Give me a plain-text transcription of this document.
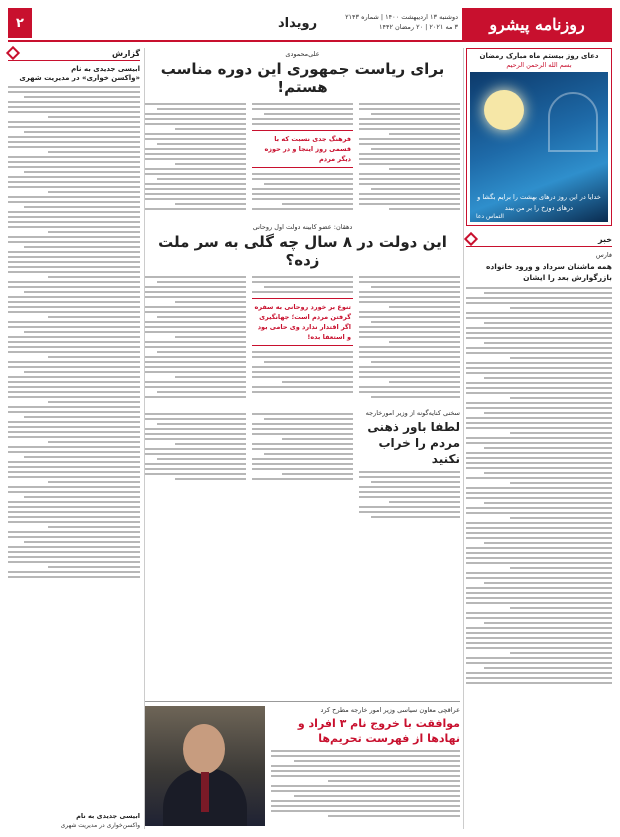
روزنامه پیشرو
دوشنبه ۱۳ اردیبهشت ۱۴۰۰ | شماره ۲۱۴۳
۳ مه ۲۰۲۱ | ۲۰ رمضان ۱۴۴۲
رویداد
۲
دعای روز بیستم ماه مبارک رمضان
بسم الله الرحمن الرحیم
خدایا در این روز درهای بهشت را برایم بگشا و درهای دوزخ را بر من ببند
التماس دعا
خبر
فارس
همه ماشنان سرداد و ورود خانواده بازرگوارش بعد را ایشان
علی‌محمودی
برای ریاست جمهوری این دوره مناسب هستم!
فرهنگ جدی نسبت که با قسمی روز اینجا و در حوزه دیگر مردم
دهقان: عضو کابینه دولت اول روحانی
این دولت در ۸ سال چه گلی به سر ملت زده؟
تنوع بر خورد روحانی به سفره گرفتن مردم است؛ جهانگیری اگر اقتدار ندارد وی حامی بود و استعفا بده!
سخنی کنایه‌گونه از وزیر امورخارجه
لطفا باور ذهنی مردم را خراب نکنید
عراقچی معاون سیاسی وزیر امور خارجه مطرح کرد
موافقت با خروج نام ۳ افراد و نهادها از فهرست تحریم‌ها
گزارش
ابیسی جدیدی به نام
«واکسن خواری» در مدیریت شهری
ابیسی جدیدی به نام
واکسن‌خواری در مدیریت شهری
